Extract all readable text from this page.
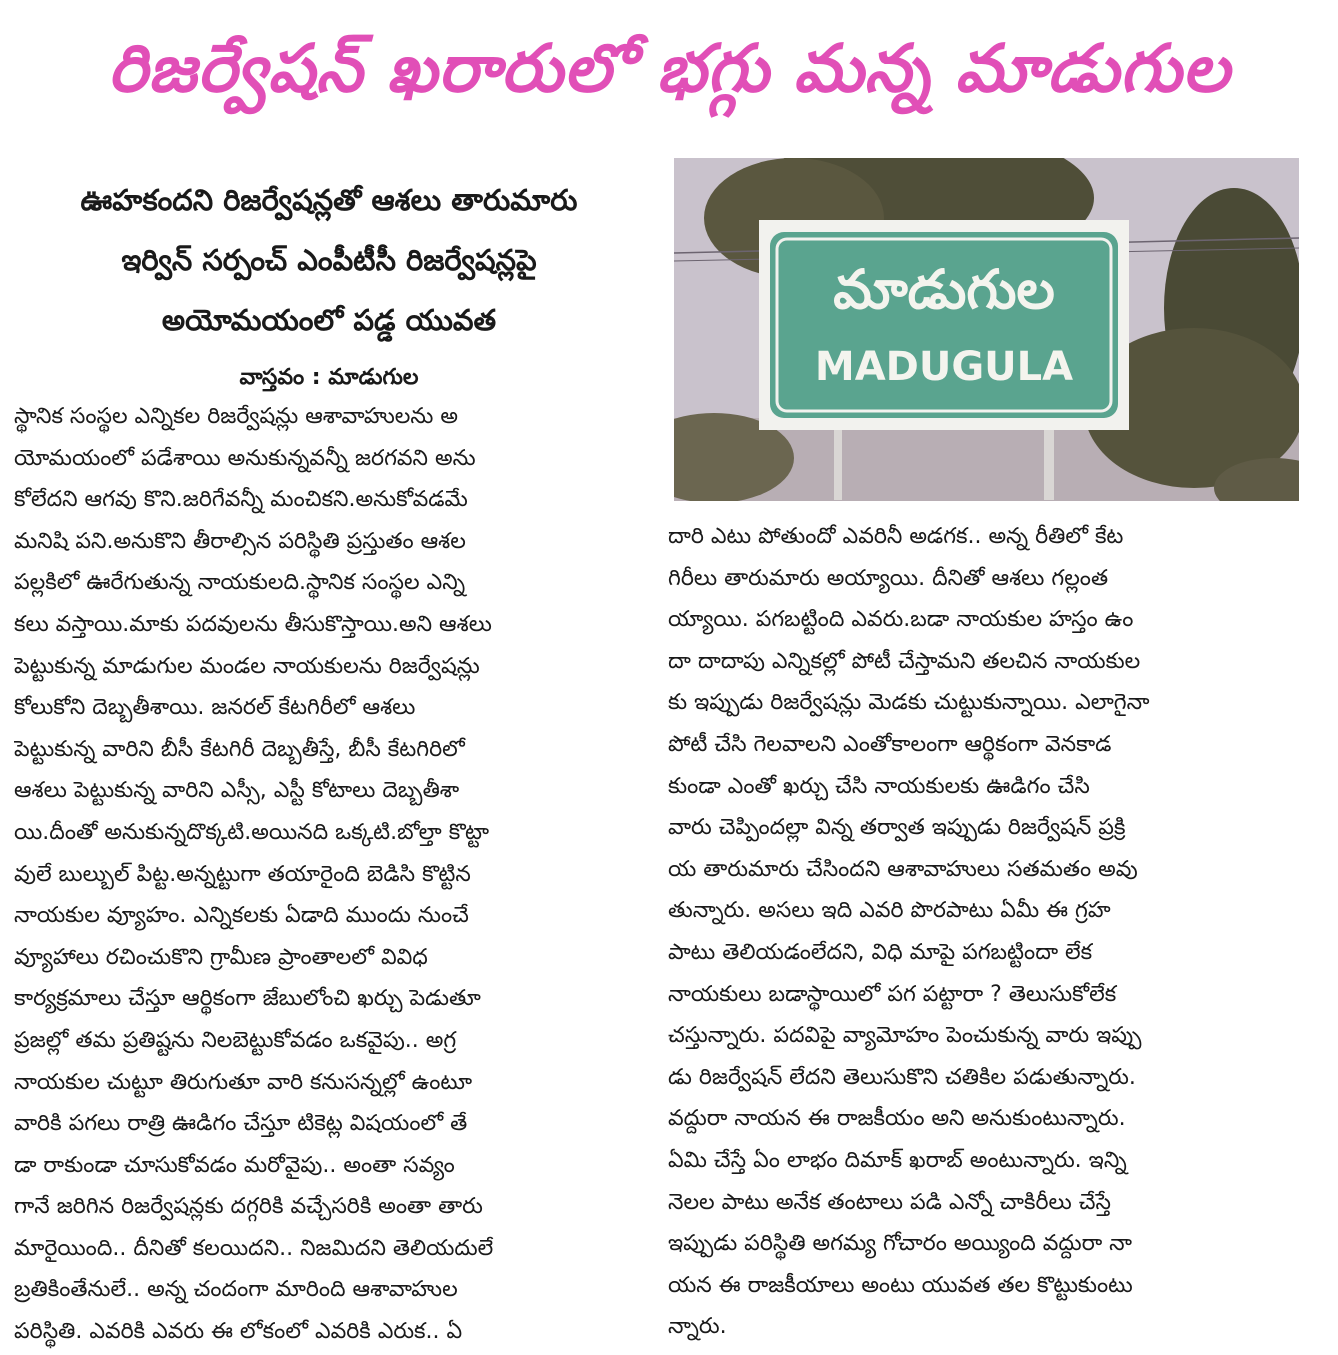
రిజర్వేషన్ ఖరారులో భగ్గు మన్న మాడుగుల

ఊహకందని రిజర్వేషన్లతో ఆశలు తారుమారు

ఇర్విన్ సర్పంచ్ ఎంపీటీసీ రిజర్వేషన్లపై

అయోమయంలో పడ్డ యువత

వాస్తవం : మాడుగుల
మాడుగుల
MADUGULA
స్థానిక సంస్థల ఎన్నికల రిజర్వేషన్లు ఆశావాహులను అ
యోమయంలో పడేశాయి అనుకున్నవన్నీ జరగవని అను
కోలేదని ఆగవు కొని.జరిగేవన్నీ మంచికని.అనుకోవడమే
మనిషి పని.అనుకొని తీరాల్సిన పరిస్థితి ప్రస్తుతం ఆశల
పల్లకిలో ఊరేగుతున్న నాయకులది.స్థానిక సంస్థల ఎన్ని
కలు వస్తాయి.మాకు పదవులను తీసుకొస్తాయి.అని ఆశలు
పెట్టుకున్న మాడుగుల మండల నాయకులను రిజర్వేషన్లు
కోలుకోని దెబ్బతీశాయి. జనరల్ కేటగిరీలో ఆశలు
పెట్టుకున్న వారిని బీసీ కేటగిరీ దెబ్బతీస్తే, బీసీ కేటగిరిలో
ఆశలు పెట్టుకున్న వారిని ఎస్సీ, ఎస్టీ కోటాలు దెబ్బతీశా
యి.దీంతో అనుకున్నదొక్కటి.అయినది ఒక్కటి.బోల్తా కొట్టా
వులే బుల్బుల్ పిట్ట.అన్నట్టుగా తయారైంది బెడిసి కొట్టిన
నాయకుల వ్యూహం. ఎన్నికలకు ఏడాది ముందు నుంచే
వ్యూహాలు రచించుకొని గ్రామీణ ప్రాంతాలలో వివిధ
కార్యక్రమాలు చేస్తూ ఆర్థికంగా జేబులోంచి ఖర్చు పెడుతూ
ప్రజల్లో తమ ప్రతిష్టను నిలబెట్టుకోవడం ఒకవైపు.. అగ్ర
నాయకుల చుట్టూ తిరుగుతూ వారి కనుసన్నల్లో ఉంటూ
వారికి పగలు రాత్రి ఊడిగం చేస్తూ టికెట్ల విషయంలో తే
డా రాకుండా చూసుకోవడం మరోవైపు.. అంతా సవ్యం
గానే జరిగిన రిజర్వేషన్లకు దగ్గరికి వచ్చేసరికి అంతా తారు
మారైయింది.. దీనితో కలయిదని.. నిజమిదని తెలియదులే
బ్రతికింతేనులే.. అన్న చందంగా మారింది ఆశావాహుల
పరిస్థితి. ఎవరికి ఎవరు ఈ లోకంలో ఎవరికి ఎరుక.. ఏ
దారి ఎటు పోతుందో ఎవరినీ అడగక.. అన్న రీతిలో కేట
గిరీలు తారుమారు అయ్యాయి. దీనితో ఆశలు గల్లంత
య్యాయి. పగబట్టింది ఎవరు.బడా నాయకుల హస్తం ఉం
దా దాదాపు ఎన్నికల్లో పోటీ చేస్తామని తలచిన నాయకుల
కు ఇప్పుడు రిజర్వేషన్లు మెడకు చుట్టుకున్నాయి. ఎలాగైనా
పోటీ చేసి గెలవాలని ఎంతోకాలంగా ఆర్థికంగా వెనకాడ
కుండా ఎంతో ఖర్చు చేసి నాయకులకు ఊడిగం చేసి
వారు చెప్పిందల్లా విన్న తర్వాత ఇప్పుడు రిజర్వేషన్ ప్రక్రి
య తారుమారు చేసిందని ఆశావాహులు సతమతం అవు
తున్నారు. అసలు ఇది ఎవరి పొరపాటు ఏమీ ఈ గ్రహ
పాటు తెలియడంలేదని, విధి మాపై పగబట్టిందా లేక
నాయకులు బడాస్థాయిలో పగ పట్టారా ? తెలుసుకోలేక
చస్తున్నారు. పదవిపై వ్యామోహం పెంచుకున్న వారు ఇప్పు
డు రిజర్వేషన్ లేదని తెలుసుకొని చతికిల పడుతున్నారు.
వద్దురా నాయన ఈ రాజకీయం అని అనుకుంటున్నారు.
ఏమి చేస్తే ఏం లాభం దిమాక్ ఖరాబ్ అంటున్నారు. ఇన్ని
నెలల పాటు అనేక తంటాలు పడి ఎన్నో చాకిరీలు చేస్తే
ఇప్పుడు పరిస్థితి అగమ్య గోచారం అయ్యింది వద్దురా నా
యన ఈ రాజకీయాలు అంటు యువత తల కొట్టుకుంటు
న్నారు.
